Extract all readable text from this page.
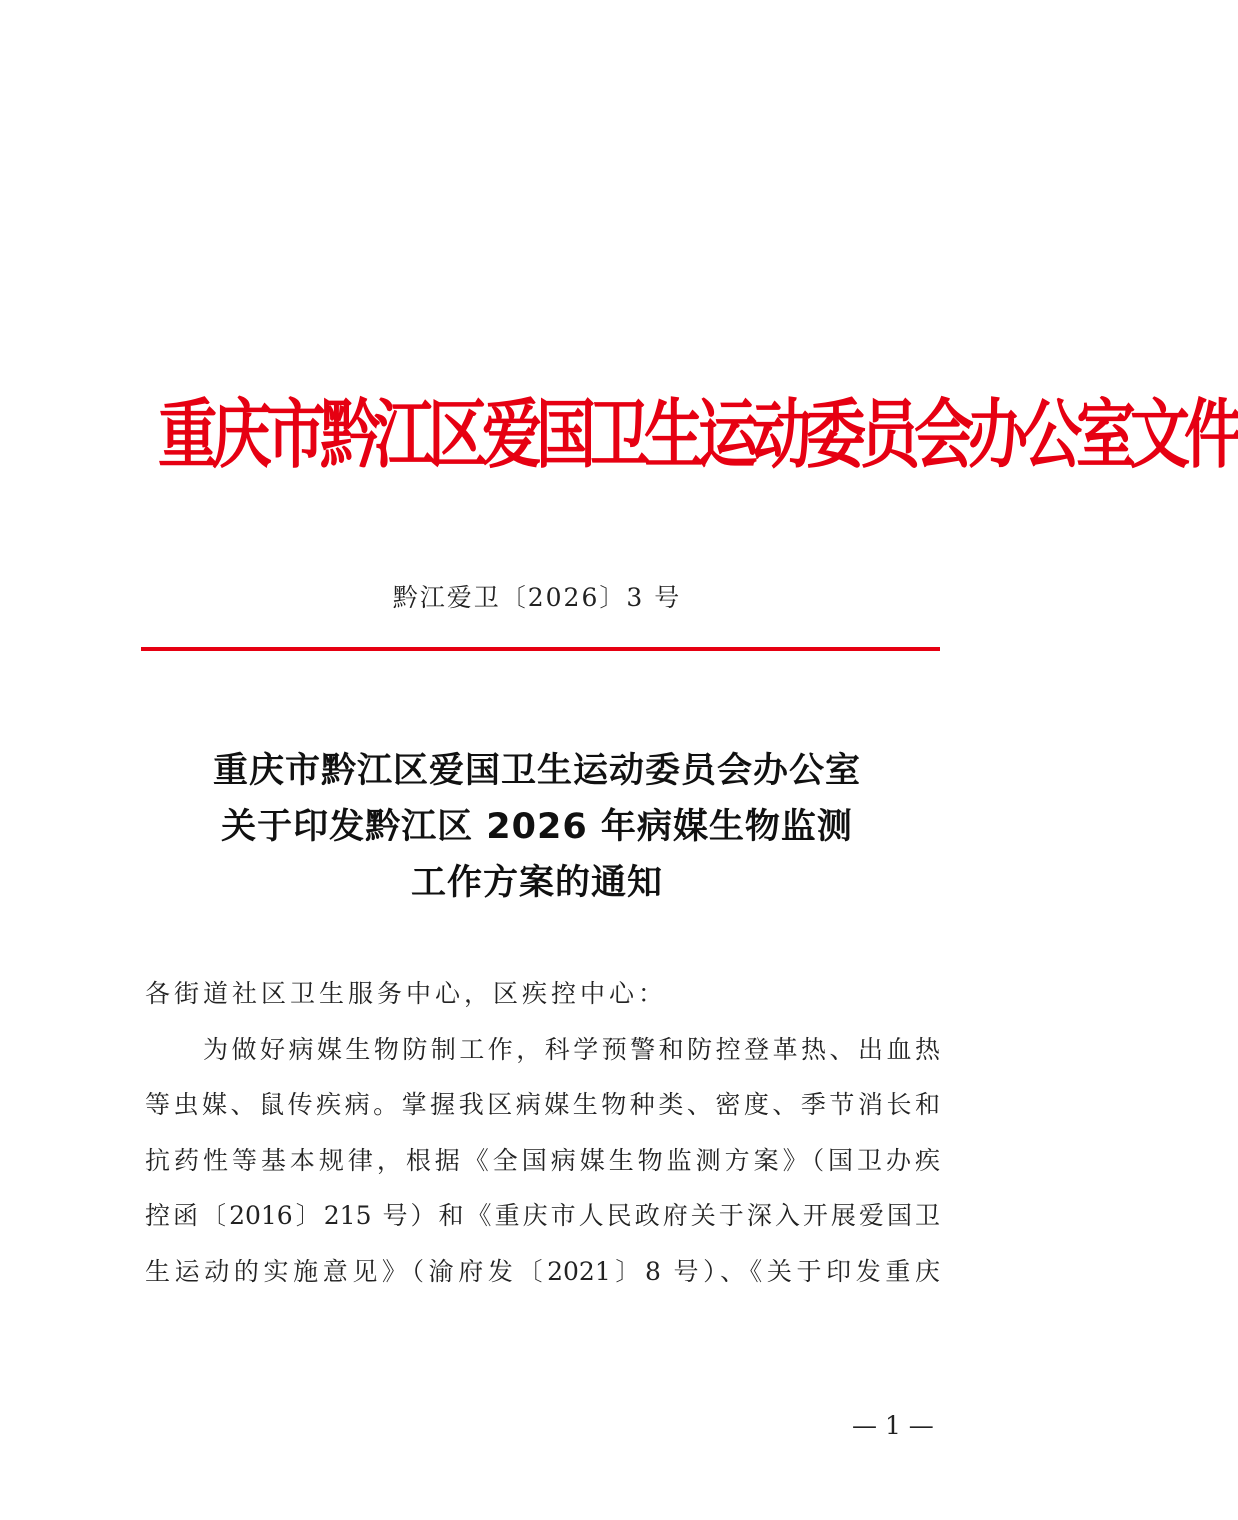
重庆市黔江区爱国卫生运动委员会办公室文件
黔江爱卫〔2026〕3 号
重庆市黔江区爱国卫生运动委员会办公室
关于印发黔江区 2026 年病媒生物监测
工作方案的通知
各街道社区卫生服务中心，区疾控中心：
为做好病媒生物防制工作，科学预警和防控登革热、出血热
等虫媒、鼠传疾病。掌握我区病媒生物种类、密度、季节消长和
抗药性等基本规律，根据《全国病媒生物监测方案》（国卫办疾
控函〔2016〕215 号）和《重庆市人民政府关于深入开展爱国卫
生运动的实施意见》（渝府发〔2021〕8 号）、《关于印发重庆
— 1 —
